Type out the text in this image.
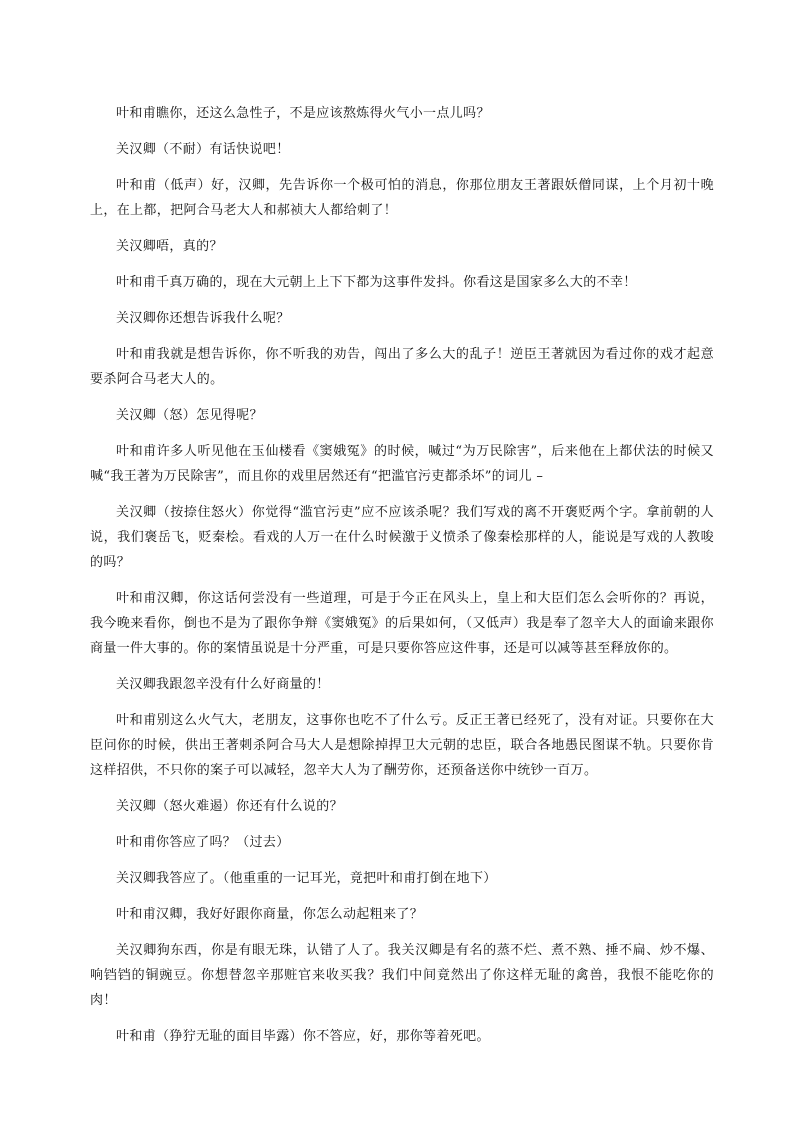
叶和甫瞧你，还这么急性子，不是应该熬炼得火气小一点儿吗？

关汉卿（不耐）有话快说吧！

叶和甫（低声）好，汉卿，先告诉你一个极可怕的消息，你那位朋友王著跟妖僧同谋，上个月初十晚上，在上都，把阿合马老大人和郝祯大人都给刺了！

关汉卿唔，真的？

叶和甫千真万确的，现在大元朝上上下下都为这事件发抖。你看这是国家多么大的不幸！

关汉卿你还想告诉我什么呢？

叶和甫我就是想告诉你，你不听我的劝告，闯出了多么大的乱子！逆臣王著就因为看过你的戏才起意要杀阿合马老大人的。

关汉卿（怒）怎见得呢？

叶和甫许多人听见他在玉仙楼看《窦娥冤》的时候，喊过“为万民除害”，后来他在上都伏法的时候又喊“我王著为万民除害”，而且你的戏里居然还有“把滥官污吏都杀坏”的词儿 –

关汉卿（按捺住怒火）你觉得“滥官污吏”应不应该杀呢？我们写戏的离不开褒贬两个字。拿前朝的人说，我们褒岳飞，贬秦桧。看戏的人万一在什么时候激于义愤杀了像秦桧那样的人，能说是写戏的人教唆的吗？

叶和甫汉卿，你这话何尝没有一些道理，可是于今正在风头上，皇上和大臣们怎么会听你的？再说，我今晚来看你，倒也不是为了跟你争辩《窦娥冤》的后果如何，（又低声）我是奉了忽辛大人的面谕来跟你商量一件大事的。你的案情虽说是十分严重，可是只要你答应这件事，还是可以减等甚至释放你的。

关汉卿我跟忽辛没有什么好商量的！

叶和甫别这么火气大，老朋友，这事你也吃不了什么亏。反正王著已经死了，没有对证。只要你在大臣问你的时候，供出王著刺杀阿合马大人是想除掉捍卫大元朝的忠臣，联合各地愚民图谋不轨。只要你肯这样招供，不只你的案子可以减轻，忽辛大人为了酬劳你，还预备送你中统钞一百万。

关汉卿（怒火难遏）你还有什么说的？

叶和甫你答应了吗？（过去）

关汉卿我答应了。（他重重的一记耳光，竟把叶和甫打倒在地下）

叶和甫汉卿，我好好跟你商量，你怎么动起粗来了？

关汉卿狗东西，你是有眼无珠，认错了人了。我关汉卿是有名的蒸不烂、煮不熟、捶不扁、炒不爆、响铛铛的铜豌豆。你想替忽辛那赃官来收买我？我们中间竟然出了你这样无耻的禽兽，我恨不能吃你的肉！

叶和甫（狰狞无耻的面目毕露）你不答应，好，那你等着死吧。
